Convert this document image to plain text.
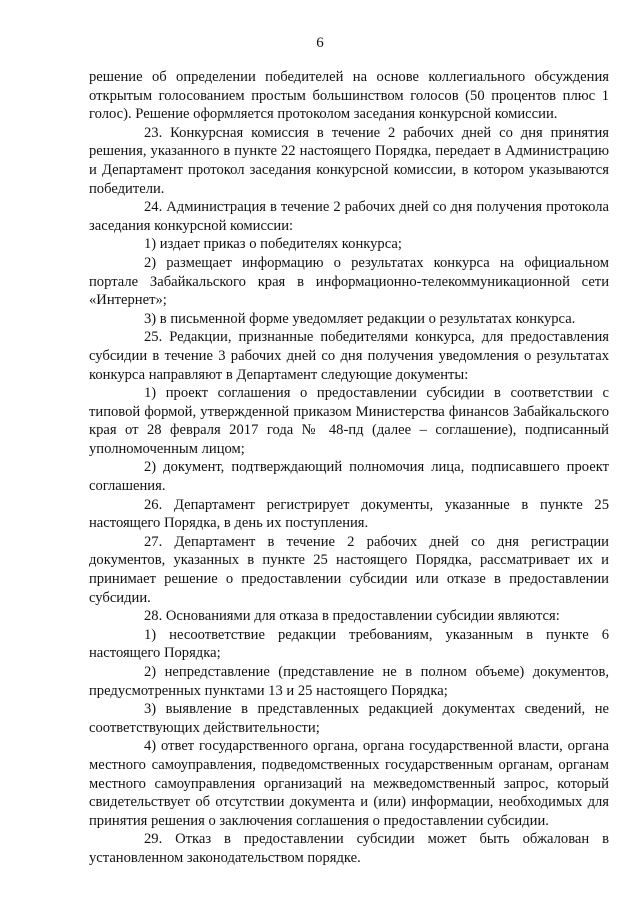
6

решение об определении победителей на основе коллегиального обсуждения открытым голосованием простым большинством голосов (50 процентов плюс 1 голос). Решение оформляется протоколом заседания конкурсной комиссии.

23. Конкурсная комиссия в течение 2 рабочих дней со дня принятия решения, указанного в пункте 22 настоящего Порядка, передает в Администрацию и Департамент протокол заседания конкурсной комиссии, в котором указываются победители.

24. Администрация в течение 2 рабочих дней со дня получения протокола заседания конкурсной комиссии:

1) издает приказ о победителях конкурса;

2) размещает информацию о результатах конкурса на официальном портале Забайкальского края в информационно-телекоммуникационной сети «Интернет»;

3) в письменной форме уведомляет редакции о результатах конкурса.

25. Редакции, признанные победителями конкурса, для предоставления субсидии в течение 3 рабочих дней со дня получения уведомления о результатах конкурса направляют в Департамент следующие документы:

1) проект соглашения о предоставлении субсидии в соответствии с типовой формой, утвержденной приказом Министерства финансов Забайкальского края от 28 февраля 2017 года № 48-пд (далее – соглашение), подписанный уполномоченным лицом;

2) документ, подтверждающий полномочия лица, подписавшего проект соглашения.

26. Департамент регистрирует документы, указанные в пункте 25 настоящего Порядка, в день их поступления.

27. Департамент в течение 2 рабочих дней со дня регистрации документов, указанных в пункте 25 настоящего Порядка, рассматривает их и принимает решение о предоставлении субсидии или отказе в предоставлении субсидии.

28. Основаниями для отказа в предоставлении субсидии являются:

1) несоответствие редакции требованиям, указанным в пункте 6 настоящего Порядка;

2) непредставление (представление не в полном объеме) документов, предусмотренных пунктами 13 и 25 настоящего Порядка;

3) выявление в представленных редакцией документах сведений, не соответствующих действительности;

4) ответ государственного органа, органа государственной власти, органа местного самоуправления, подведомственных государственным органам, органам местного самоуправления организаций на межведомственный запрос, который свидетельствует об отсутствии документа и (или) информации, необходимых для принятия решения о заключения соглашения о предоставлении субсидии.

29. Отказ в предоставлении субсидии может быть обжалован в установленном законодательством порядке.
